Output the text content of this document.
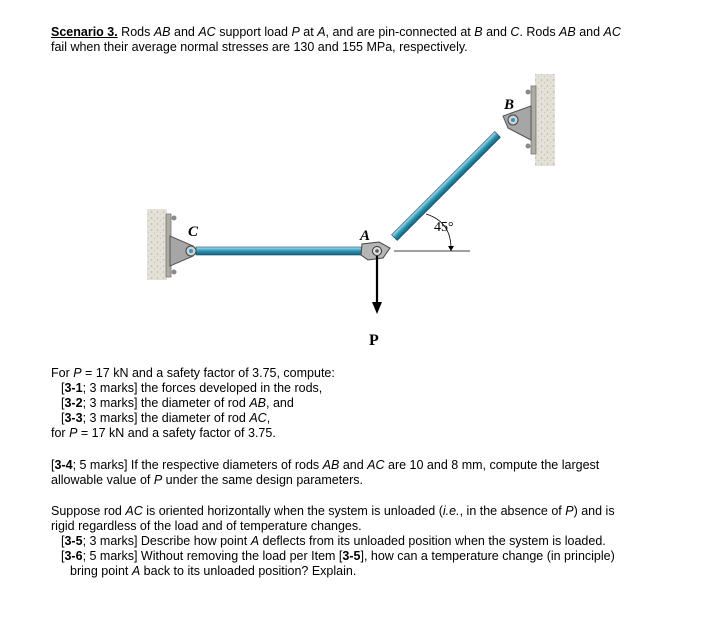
Scenario 3. Rods AB and AC support load P at A, and are pin-connected at B and C. Rods AB and AC
fail when their average normal stresses are 130 and 155 MPa, respectively.
B
C	A
P
45°
For P = 17 kN and a safety factor of 3.75, compute:
[3-1; 3 marks] the forces developed in the rods,
[3-2; 3 marks] the diameter of rod AB, and
[3-3; 3 marks] the diameter of rod AC,
for P = 17 kN and a safety factor of 3.75.
[3-4; 5 marks] If the respective diameters of rods AB and AC are 10 and 8 mm, compute the largest
allowable value of P under the same design parameters.
Suppose rod AC is oriented horizontally when the system is unloaded (i.e., in the absence of P) and is
rigid regardless of the load and of temperature changes.
[3-5; 3 marks] Describe how point A deflects from its unloaded position when the system is loaded.
[3-6; 5 marks] Without removing the load per Item [3-5], how can a temperature change (in principle)
bring point A back to its unloaded position? Explain.
